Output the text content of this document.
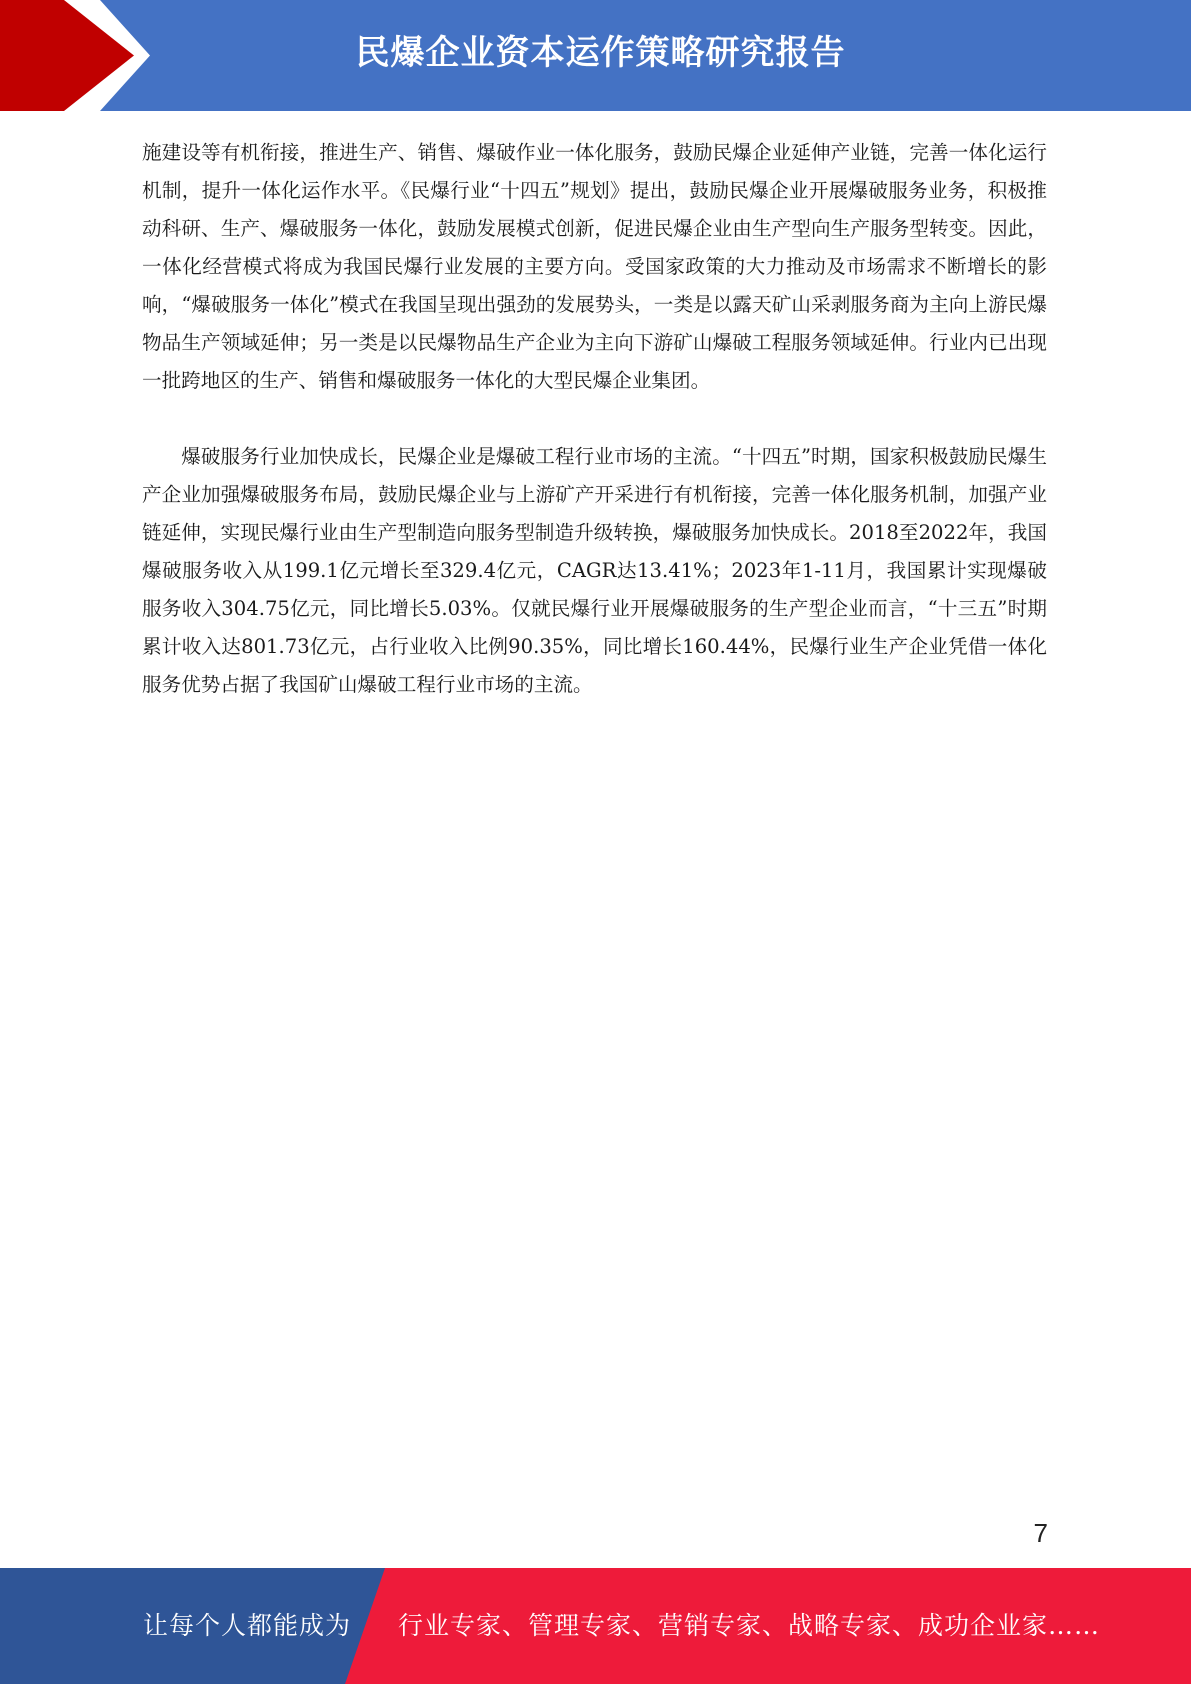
民爆企业资本运作策略研究报告

施建设等有机衔接，推进生产、销售、爆破作业一体化服务，鼓励民爆企业延伸产业链，完善一体化运行机制，提升一体化运作水平。《民爆行业“十四五”规划》提出，鼓励民爆企业开展爆破服务业务，积极推动科研、生产、爆破服务一体化，鼓励发展模式创新，促进民爆企业由生产型向生产服务型转变。因此，一体化经营模式将成为我国民爆行业发展的主要方向。受国家政策的大力推动及市场需求不断增长的影响，“爆破服务一体化”模式在我国呈现出强劲的发展势头，一类是以露天矿山采剥服务商为主向上游民爆物品生产领域延伸；另一类是以民爆物品生产企业为主向下游矿山爆破工程服务领域延伸。行业内已出现一批跨地区的生产、销售和爆破服务一体化的大型民爆企业集团。

爆破服务行业加快成长，民爆企业是爆破工程行业市场的主流。“十四五”时期，国家积极鼓励民爆生产企业加强爆破服务布局，鼓励民爆企业与上游矿产开采进行有机衔接，完善一体化服务机制，加强产业链延伸，实现民爆行业由生产型制造向服务型制造升级转换，爆破服务加快成长。2018至2022年，我国爆破服务收入从199.1亿元增长至329.4亿元，CAGR达13.41%；2023年1-11月，我国累计实现爆破服务收入304.75亿元，同比增长5.03%。仅就民爆行业开展爆破服务的生产型企业而言，“十三五”时期累计收入达801.73亿元，占行业收入比例90.35%，同比增长160.44%，民爆行业生产企业凭借一体化服务优势占据了我国矿山爆破工程行业市场的主流。

7
让每个人都能成为 行业专家、管理专家、营销专家、战略专家、成功企业家……
